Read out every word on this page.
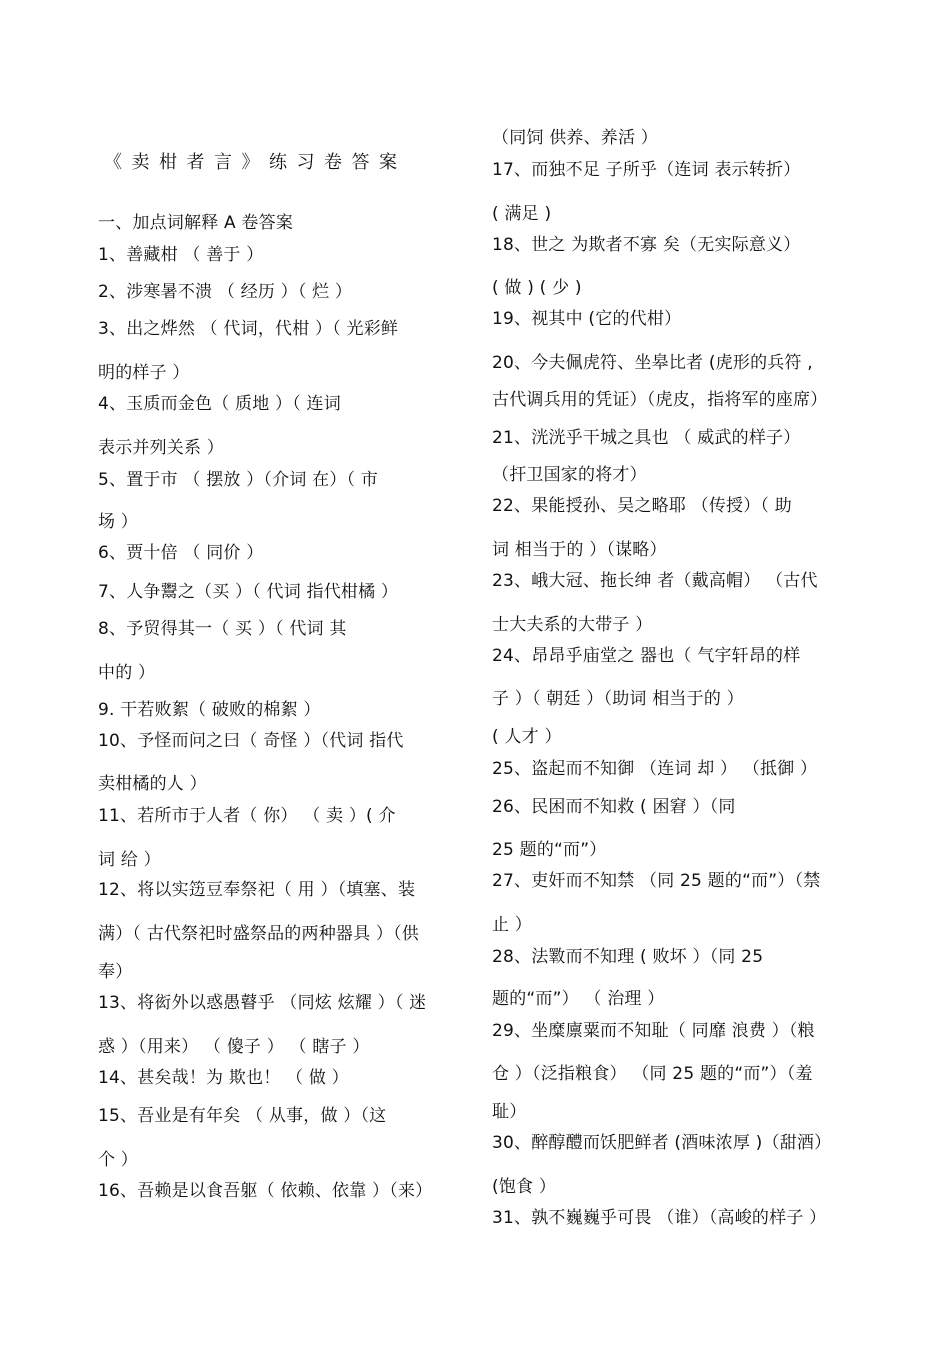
《卖柑者言》练习卷答案
一、加点词解释 A 卷答案
1、善藏柑 （ 善于 ）
2、涉寒暑不溃 （ 经历 ）（ 烂 ）
3、出之烨然 （ 代词，代柑 ）（ 光彩鲜
明的样子 ）
4、玉质而金色（ 质地 ）（ 连词
表示并列关系 ）
5、置于市 （ 摆放 ）（介词 在）（ 市
场 ）
6、贾十倍 （ 同价 ）
7、人争鬻之（买 ）（ 代词 指代柑橘 ）
8、予贸得其一（ 买 ）（ 代词 其
中的 ）
9. 干若败絮（ 破败的棉絮 ）
10、予怪而问之曰（ 奇怪 ）（代词 指代
卖柑橘的人 ）
11、若所市于人者（ 你） （ 卖 ）( 介
词 给 ）
12、将以实笾豆奉祭祀（ 用 ）（填塞、装
满）（ 古代祭祀时盛祭品的两种器具 ）（供
奉）
13、将衒外以惑愚瞽乎 （同炫 炫耀 ）（ 迷
惑 ）（用来） （ 傻子 ） （ 瞎子 ）
14、甚矣哉！为 欺也！ （ 做 ）
15、吾业是有年矣 （ 从事，做 ）（这
个 ）
16、吾赖是以食吾躯（ 依赖、依靠 ）（来）
（同饲 供养、养活 ）
17、而独不足 子所乎（连词 表示转折）
( 满足 )
18、世之 为欺者不寡 矣（无实际意义）
( 做 ) ( 少 )
19、视其中 (它的代柑）
20、今夫佩虎符、坐皋比者 (虎形的兵符 ,
古代调兵用的凭证）（虎皮，指将军的座席）
21、洸洸乎干城之具也 （ 威武的样子）
（扞卫国家的将才）
22、果能授孙、吴之略耶 （传授）（ 助
词 相当于的 ）（谋略）
23、峨大冠、拖长绅 者（戴高帽） （古代
士大夫系的大带子 ）
24、昂昂乎庙堂之 器也（ 气宇轩昂的样
子 ）（ 朝廷 ）（助词 相当于的 ）
( 人才 ）
25、盗起而不知御 （连词 却 ） （抵御 ）
26、民困而不知救 ( 困窘 ）（同
25 题的“而”）
27、吏奸而不知禁 （同 25 题的“而”）（禁
止 ）
28、法斁而不知理 ( 败坏 ）（同 25
题的“而”） （ 治理 ）
29、坐糜廪粟而不知耻（ 同靡 浪费 ）（粮
仓 ）（泛指粮食） （同 25 题的“而”）（羞
耻）
30、醉醇醴而饫肥鲜者 (酒味浓厚 )（甜酒）
(饱食 ）
31、孰不巍巍乎可畏 （谁）（高峻的样子 ）
